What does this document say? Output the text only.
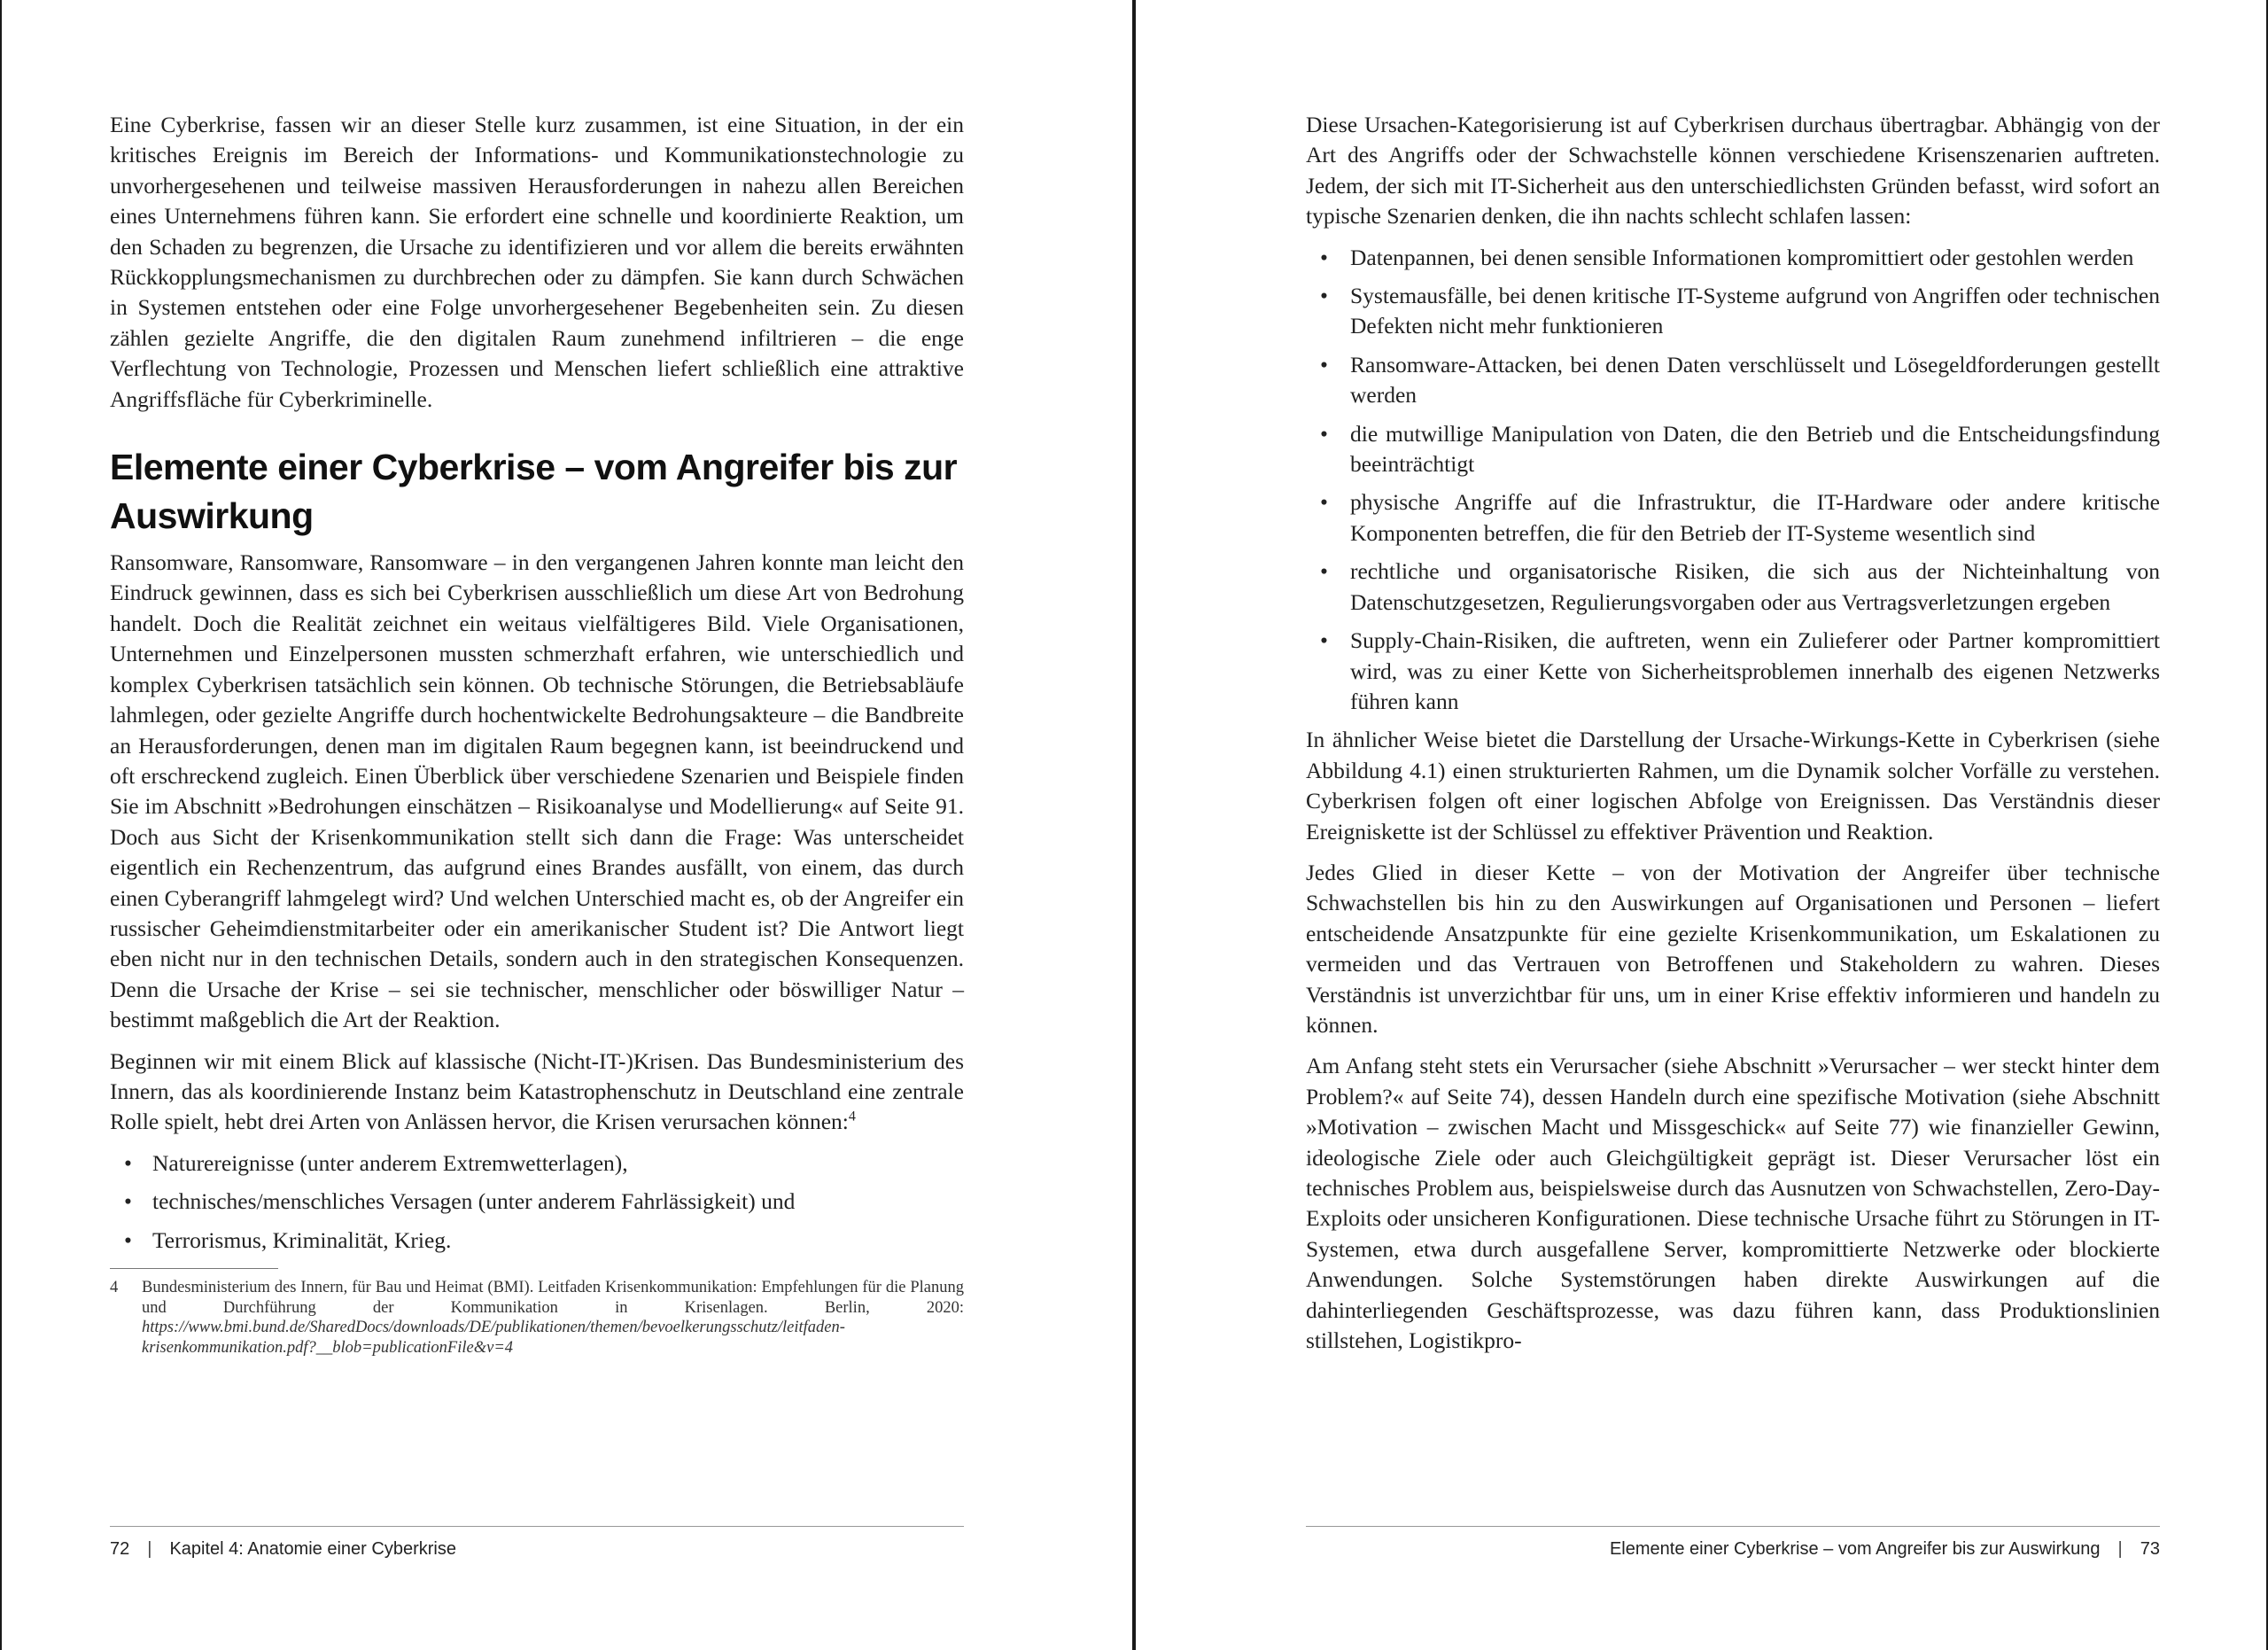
Eine Cyberkrise, fassen wir an dieser Stelle kurz zusammen, ist eine Situation, in der ein kritisches Ereignis im Bereich der Informations- und Kommunikationstechnologie zu unvorhergesehenen und teilweise massiven Herausforderungen in nahezu allen Bereichen eines Unternehmens führen kann. Sie erfordert eine schnelle und koordinierte Reaktion, um den Schaden zu begrenzen, die Ursache zu identifizieren und vor allem die bereits erwähnten Rückkopplungsmechanismen zu durchbrechen oder zu dämpfen. Sie kann durch Schwächen in Systemen entstehen oder eine Folge unvorhergesehener Begebenheiten sein. Zu diesen zählen gezielte Angriffe, die den digitalen Raum zunehmend infiltrieren – die enge Verflechtung von Technologie, Prozessen und Menschen liefert schließlich eine attraktive Angriffsfläche für Cyberkriminelle.

Elemente einer Cyberkrise – vom Angreifer bis zur Auswirkung

Ransomware, Ransomware, Ransomware – in den vergangenen Jahren konnte man leicht den Eindruck gewinnen, dass es sich bei Cyberkrisen ausschließlich um diese Art von Bedrohung handelt. Doch die Realität zeichnet ein weitaus vielfältigeres Bild. Viele Organisationen, Unternehmen und Einzelpersonen mussten schmerzhaft erfahren, wie unterschiedlich und komplex Cyberkrisen tatsächlich sein können. Ob technische Störungen, die Betriebsabläufe lahmlegen, oder gezielte Angriffe durch hochentwickelte Bedrohungsakteure – die Bandbreite an Herausforderungen, denen man im digitalen Raum begegnen kann, ist beeindruckend und oft erschreckend zugleich. Einen Überblick über verschiedene Szenarien und Beispiele finden Sie im Abschnitt »Bedrohungen einschätzen – Risikoanalyse und Modellierung« auf Seite 91. Doch aus Sicht der Krisenkommunikation stellt sich dann die Frage: Was unterscheidet eigentlich ein Rechenzentrum, das aufgrund eines Brandes ausfällt, von einem, das durch einen Cyberangriff lahmgelegt wird? Und welchen Unterschied macht es, ob der Angreifer ein russischer Geheimdienstmitarbeiter oder ein amerikanischer Student ist? Die Antwort liegt eben nicht nur in den technischen Details, sondern auch in den strategischen Konsequenzen. Denn die Ursache der Krise – sei sie technischer, menschlicher oder böswilliger Natur – bestimmt maßgeblich die Art der Reaktion.

Beginnen wir mit einem Blick auf klassische (Nicht-IT-)Krisen. Das Bundesministerium des Innern, das als koordinierende Instanz beim Katastrophenschutz in Deutschland eine zentrale Rolle spielt, hebt drei Arten von Anlässen hervor, die Krisen verursachen können:$^4$

• Naturereignisse (unter anderem Extremwetterlagen),
• technisches/menschliches Versagen (unter anderem Fahrlässigkeit) und
• Terrorismus, Kriminalität, Krieg.
4	Bundesministerium des Innern, für Bau und Heimat (BMI). Leitfaden Krisenkommunikation: Empfehlungen für die Planung und Durchführung der Kommunikation in Krisenlagen. Berlin, 2020: https://www.bmi.bund.de/SharedDocs/downloads/DE/publikationen/themen/bevoelkerungsschutz/leitfaden-krisenkommunikation.pdf?__blob=publicationFile&v=4
72 | Kapitel 4: Anatomie einer Cyberkrise

Diese Ursachen-Kategorisierung ist auf Cyberkrisen durchaus übertragbar. Abhängig von der Art des Angriffs oder der Schwachstelle können verschiedene Krisenszenarien auftreten. Jedem, der sich mit IT-Sicherheit aus den unterschiedlichsten Gründen befasst, wird sofort an typische Szenarien denken, die ihn nachts schlecht schlafen lassen:

• Datenpannen, bei denen sensible Informationen kompromittiert oder gestohlen werden
• Systemausfälle, bei denen kritische IT-Systeme aufgrund von Angriffen oder technischen Defekten nicht mehr funktionieren
• Ransomware-Attacken, bei denen Daten verschlüsselt und Lösegeldforderungen gestellt werden
• die mutwillige Manipulation von Daten, die den Betrieb und die Entscheidungsfindung beeinträchtigt
• physische Angriffe auf die Infrastruktur, die IT-Hardware oder andere kritische Komponenten betreffen, die für den Betrieb der IT-Systeme wesentlich sind
• rechtliche und organisatorische Risiken, die sich aus der Nichteinhaltung von Datenschutzgesetzen, Regulierungsvorgaben oder aus Vertragsverletzungen ergeben
• Supply-Chain-Risiken, die auftreten, wenn ein Zulieferer oder Partner kompromittiert wird, was zu einer Kette von Sicherheitsproblemen innerhalb des eigenen Netzwerks führen kann

In ähnlicher Weise bietet die Darstellung der Ursache-Wirkungs-Kette in Cyberkrisen (siehe Abbildung 4.1) einen strukturierten Rahmen, um die Dynamik solcher Vorfälle zu verstehen. Cyberkrisen folgen oft einer logischen Abfolge von Ereignissen. Das Verständnis dieser Ereigniskette ist der Schlüssel zu effektiver Prävention und Reaktion.

Jedes Glied in dieser Kette – von der Motivation der Angreifer über technische Schwachstellen bis hin zu den Auswirkungen auf Organisationen und Personen – liefert entscheidende Ansatzpunkte für eine gezielte Krisenkommunikation, um Eskalationen zu vermeiden und das Vertrauen von Betroffenen und Stakeholdern zu wahren. Dieses Verständnis ist unverzichtbar für uns, um in einer Krise effektiv informieren und handeln zu können.

Am Anfang steht stets ein Verursacher (siehe Abschnitt »Verursacher – wer steckt hinter dem Problem?« auf Seite 74), dessen Handeln durch eine spezifische Motivation (siehe Abschnitt »Motivation – zwischen Macht und Missgeschick« auf Seite 77) wie finanzieller Gewinn, ideologische Ziele oder auch Gleichgültigkeit geprägt ist. Dieser Verursacher löst ein technisches Problem aus, beispielsweise durch das Ausnutzen von Schwachstellen, Zero-Day-Exploits oder unsicheren Konfigurationen. Diese technische Ursache führt zu Störungen in IT-Systemen, etwa durch ausgefallene Server, kompromittierte Netzwerke oder blockierte Anwendungen. Solche Systemstörungen haben direkte Auswirkungen auf die dahinterliegenden Geschäftsprozesse, was dazu führen kann, dass Produktionslinien stillstehen, Logistikpro-

Elemente einer Cyberkrise – vom Angreifer bis zur Auswirkung | 73
